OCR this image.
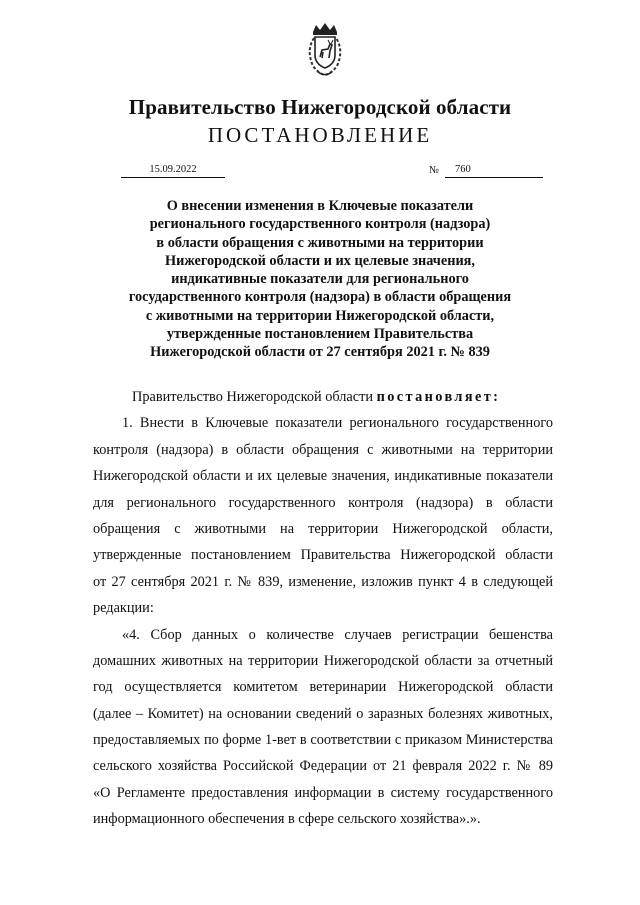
Правительство Нижегородской области
ПОСТАНОВЛЕНИЕ
15.09.2022	№	760
О внесении изменения в Ключевые показатели
регионального государственного контроля (надзора)
в области обращения с животными на территории
Нижегородской области и их целевые значения,
индикативные показатели для регионального
государственного контроля (надзора) в области обращения
с животными на территории Нижегородской области,
утвержденные постановлением Правительства
Нижегородской области от 27 сентября 2021 г. № 839
Правительство Нижегородской области постановляет:
1. Внести в Ключевые показатели регионального государственного
контроля (надзора) в области обращения с животными на территории
Нижегородской области и их целевые значения, индикативные показатели
для регионального государственного контроля (надзора) в области
обращения с животными на территории Нижегородской области,
утвержденные постановлением Правительства Нижегородской области
от 27 сентября 2021 г. № 839, изменение, изложив пункт 4 в следующей
редакции:
«4. Сбор данных о количестве случаев регистрации бешенства
домашних животных на территории Нижегородской области за отчетный
год осуществляется комитетом ветеринарии Нижегородской области
(далее – Комитет) на основании сведений о заразных болезнях животных,
предоставляемых по форме 1-вет в соответствии с приказом Министерства
сельского хозяйства Российской Федерации от 21 февраля 2022 г. № 89
«О Регламенте предоставления информации в систему государственного
информационного обеспечения в сфере сельского хозяйства».».
